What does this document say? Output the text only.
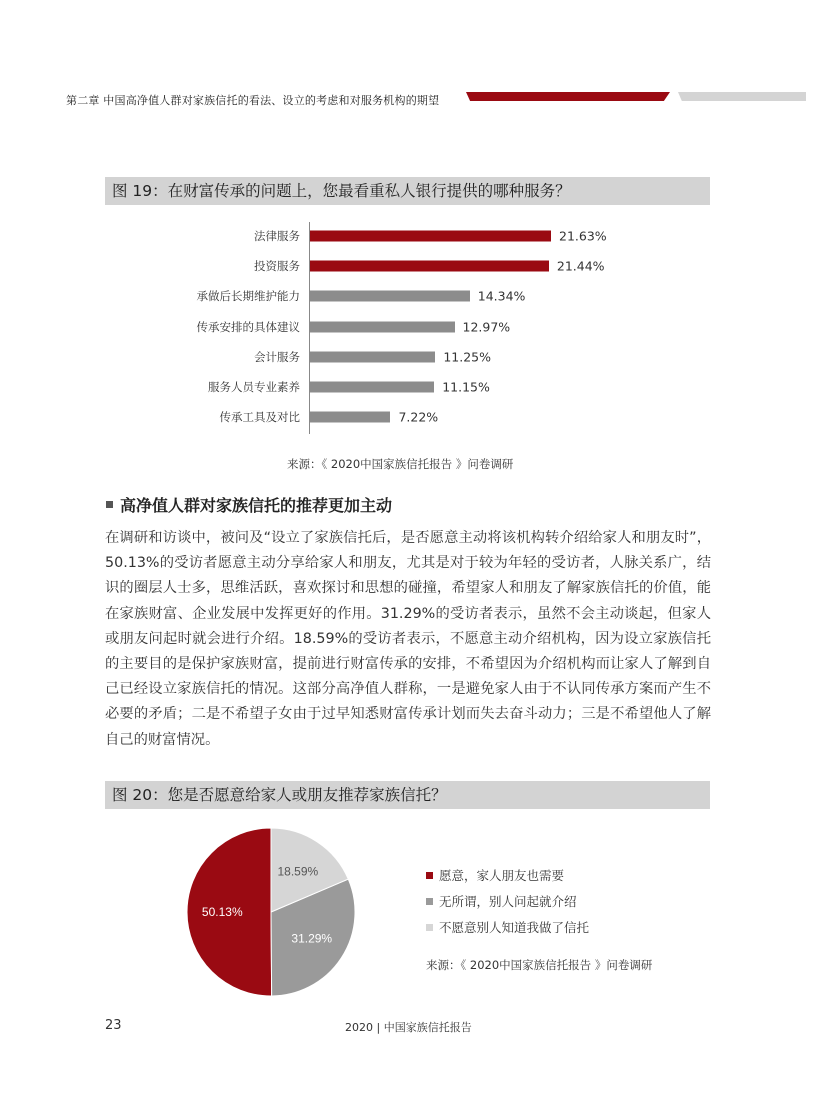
第二章 中国高净值人群对家族信托的看法、设立的考虑和对服务机构的期望
图 19：在财富传承的问题上，您最看重私人银行提供的哪种服务？
法律服务	21.63%
投资服务	21.44%
承做后长期维护能力	14.34%
传承安排的具体建议	12.97%
会计服务	11.25%
服务人员专业素养	11.15%
传承工具及对比	7.22%
来源：《 2020中国家族信托报告 》问卷调研
高净值人群对家族信托的推荐更加主动
在调研和访谈中，被问及“设立了家族信托后，是否愿意主动将该机构转介绍给家人和朋友时”，50.13%的受访者愿意主动分享给家人和朋友，尤其是对于较为年轻的受访者，人脉关系广，结识的圈层人士多，思维活跃，喜欢探讨和思想的碰撞，希望家人和朋友了解家族信托的价值，能在家族财富、企业发展中发挥更好的作用。31.29%的受访者表示，虽然不会主动谈起，但家人或朋友问起时就会进行介绍。18.59%的受访者表示，不愿意主动介绍机构，因为设立家族信托的主要目的是保护家族财富，提前进行财富传承的安排，不希望因为介绍机构而让家人了解到自己已经设立家族信托的情况。这部分高净值人群称，一是避免家人由于不认同传承方案而产生不必要的矛盾；二是不希望子女由于过早知悉财富传承计划而失去奋斗动力；三是不希望他人了解自己的财富情况。
图 20：您是否愿意给家人或朋友推荐家族信托？
50.13%
31.29%
18.59%	愿意，家人朋友也需要
无所谓，别人问起就介绍
不愿意别人知道我做了信托
来源：《 2020中国家族信托报告 》问卷调研
23	2020 | 中国家族信托报告
